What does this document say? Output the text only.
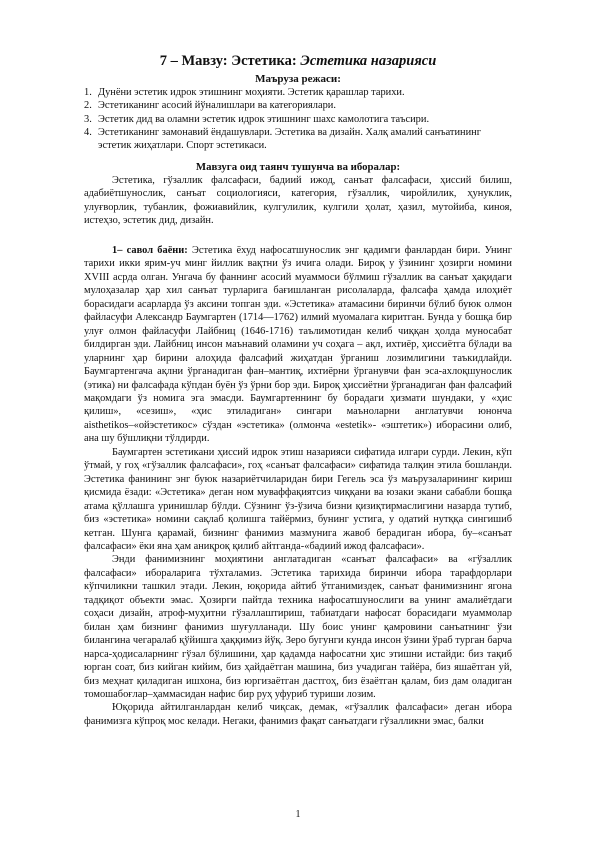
7 – Мавзу: Эстетика: Эстетика назарияси
Маъруза режаси:
1. Дунёни эстетик идрок этишнинг моҳияти. Эстетик қарашлар тарихи.
2. Эстетиканинг асосий йўналишлари ва категориялари.
3. Эстетик дид ва оламни эстетик идрок этишнинг шахс камолотига таъсири.
4. Эстетиканинг замонавий ёндашувлари. Эстетика ва дизайн. Халқ амалий санъатининг эстетик жиҳатлари. Спорт эстетикаси.
Мавзуга оид таянч тушунча ва иборалар:

Эстетика, гўзаллик фалсафаси, бадиий ижод, санъат фалсафаси, ҳиссий билиш, адабиётшунослик, санъат социологияси, категория, гўзаллик, чиройлилик, ҳунуклик, улуғворлик, тубанлик, фожиавийлик, кулгулилик, кулгили ҳолат, ҳазил, мутойиба, киноя, истеҳзо, эстетик дид, дизайн.

1– савол баёни: Эстетика ёхуд нафосатшунослик энг қадимги фанлардан бири. Унинг тарихи икки ярим-уч минг йиллик вақтни ўз ичига олади. Бироқ у ўзининг ҳозирги номини ХVIII асрда олган. Унгача бу фаннинг асосий муаммоси бўлмиш гўзаллик ва санъат ҳақидаги мулоҳазалар ҳар хил санъат турларига бағишланган рисолаларда, фалсафа ҳамда илоҳиёт борасидаги асарларда ўз аксини топган эди. «Эстетика» атамасини биринчи бўлиб буюк олмон файласуфи Александр Баумгартен (1714—1762) илмий муомалага киритган. Бунда у бошқа бир улуғ олмон файласуфи Лайбниц (1646-1716) таълимотидан келиб чиққан ҳолда муносабат билдирган эди. Лайбниц инсон маънавий оламини уч соҳага – ақл, ихтиёр, ҳиссиётга бўлади ва уларнинг ҳар бирини алоҳида фалсафий жиҳатдан ўрганиш лозимлигини таъкидлайди. Баумгартенгача ақлни ўрганадиган фан–мантиқ, ихтиёрни ўрганувчи фан эса-ахлоқшунослик (этика) ни фалсафада кўпдан буён ўз ўрни бор эди. Бироқ ҳиссиётни ўрганадиган фан фалсафий мақомдаги ўз номига эга эмасди. Баумгартеннинг бу борадаги ҳизмати шундаки, у «ҳис қилиш», «сезиш», «ҳис этиладиган» сингари маъноларни англатувчи юнонча aisthetikos–«ойэстетикос» сўздан «эстетика» (олмонча «estetik»- «эштетик») иборасини олиб, ана шу бўшлиқни тўлдирди.

Баумгартен эстетикани ҳиссий идрок этиш назарияси сифатида илгари сурди. Лекин, кўп ўтмай, у гоҳ «гўзаллик фалсафаси», гоҳ «санъат фалсафаси» сифатида талқин этила бошланди. Эстетика фанининг энг буюк назариётчиларидан бири Гегель эса ўз маърузаларининг кириш қисмида ёзади: «Эстетика» деган ном муваффақиятсиз чиққани ва юзаки экани сабабли бошқа атама қўллашга уринишлар бўлди. Сўзнинг ўз-ўзича бизни қизиқтирмаслигини назарда тутиб, биз «эстетика» номини сақлаб қолишга тайёрмиз, бунинг устига, у одатий нутққа сингишиб кетган. Шунга қарамай, бизнинг фанимиз мазмунига жавоб берадиган ибора, бу–«санъат фалсафаси» ёки яна ҳам аниқроқ қилиб айтганда-«бадиий ижод фалсафаси».

Энди фанимизнинг моҳиятини англатадиган «санъат фалсафаси» ва «гўзаллик фалсафаси» ибораларига тўхталамиз. Эстетика тарихида биринчи ибора тарафдорлари кўпчиликни ташкил этади. Лекин, юқорида айтиб ўтганимиздек, санъат фанимизнинг ягона тадқиқот объекти эмас. Ҳозирги пайтда техника нафосатшунослиги ва унинг амалиётдаги соҳаси дизайн, атроф-муҳитни гўзаллаштириш, табиатдаги нафосат борасидаги муаммолар билан ҳам бизнинг фанимиз шуғулланади. Шу боис унинг қамровини санъатнинг ўзи билангина чегаралаб қўйишга ҳаққимиз йўқ. Зеро бугунги кунда инсон ўзини ўраб турган барча нарса-ҳодисаларнинг гўзал бўлишини, ҳар қадамда нафосатни ҳис этишни истайди: биз тақиб юрган соат, биз кийган кийим, биз ҳайдаётган машина, биз учадиган тайёра, биз яшаётган уй, биз меҳнат қиладиган ишхона, биз юргизаётган дастгоҳ, биз ёзаётган қалам, биз дам оладиган томошабоғлар–ҳаммасидан нафис бир руҳ уфуриб туриши лозим.

Юқорида айтилганлардан келиб чиқсак, демак, «гўзаллик фалсафаси» деган ибора фанимизга кўпроқ мос келади. Негаки, фанимиз фақат санъатдаги гўзалликни эмас, балки

1
